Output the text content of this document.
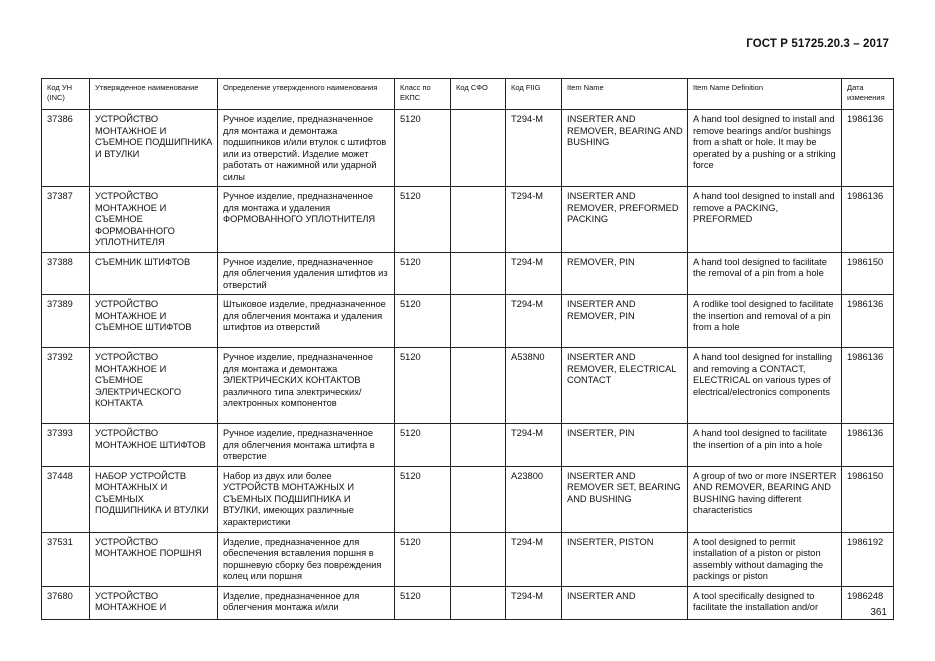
ГОСТ Р 51725.20.3 – 2017
Код УН (INC)	Утвержденное наименование	Определение утвержденного наименования	Класс по ЕКПС	Код СФО	Код FIIG	Item Name	Item Name Definition	Дата изменения
37386	УСТРОЙСТВО МОНТАЖНОЕ И СЪЕМНОЕ ПОДШИПНИКА И ВТУЛКИ	Ручное изделие, предназначенное для монтажа и демонтажа подшипников и/или втулок с штифтов или из отверстий. Изделие может работать от нажимной или ударной силы	5120		T294-M	INSERTER AND REMOVER, BEARING AND BUSHING	A hand tool designed to install and remove bearings and/or bushings from a shaft or hole. It may be operated by a pushing or a striking force	1986136
37387	УСТРОЙСТВО МОНТАЖНОЕ И СЪЕМНОЕ ФОРМОВАННОГО УПЛОТНИТЕЛЯ	Ручное изделие, предназначенное для монтажа и удаления ФОРМОВАННОГО УПЛОТНИТЕЛЯ	5120		T294-M	INSERTER AND REMOVER, PREFORMED PACKING	A hand tool designed to install and remove a PACKING, PREFORMED	1986136
37388	СЪЕМНИК ШТИФТОВ	Ручное изделие, предназначенное для облегчения удаления штифтов из отверстий	5120		T294-M	REMOVER, PIN	A hand tool designed to facilitate the removal of a pin from a hole	1986150
37389	УСТРОЙСТВО МОНТАЖНОЕ И СЪЕМНОЕ ШТИФТОВ	Штыковое изделие, предназначенное для облегчения монтажа и удаления штифтов из отверстий	5120		T294-M	INSERTER AND REMOVER, PIN	A rodlike tool designed to facilitate the insertion and removal of a pin from a hole	1986136
37392	УСТРОЙСТВО МОНТАЖНОЕ И СЪЕМНОЕ ЭЛЕКТРИЧЕСКОГО КОНТАКТА	Ручное изделие, предназначенное для монтажа и демонтажа ЭЛЕКТРИЧЕСКИХ КОНТАКТОВ различного типа электрических/электронных компонентов	5120		A538N0	INSERTER AND REMOVER, ELECTRICAL CONTACT	A hand tool designed for installing and removing a CONTACT, ELECTRICAL on various types of electrical/electronics components	1986136
37393	УСТРОЙСТВО МОНТАЖНОЕ ШТИФТОВ	Ручное изделие, предназначенное для облегчения монтажа штифта в отверстие	5120		T294-M	INSERTER, PIN	A hand tool designed to facilitate the insertion of a pin into a hole	1986136
37448	НАБОР УСТРОЙСТВ МОНТАЖНЫХ И СЪЕМНЫХ ПОДШИПНИКА И ВТУЛКИ	Набор из двух или более УСТРОЙСТВ МОНТАЖНЫХ И СЪЕМНЫХ ПОДШИПНИКА И ВТУЛКИ, имеющих различные характеристики	5120		A23800	INSERTER AND REMOVER SET, BEARING AND BUSHING	A group of two or more INSERTER AND REMOVER, BEARING AND BUSHING having different characteristics	1986150
37531	УСТРОЙСТВО МОНТАЖНОЕ ПОРШНЯ	Изделие, предназначенное для обеспечения вставления поршня в поршневую сборку без повреждения колец или поршня	5120		T294-M	INSERTER, PISTON	A tool designed to permit installation of a piston or piston assembly without damaging the packings or piston	1986192
37680	УСТРОЙСТВО МОНТАЖНОЕ И	Изделие, предназначенное для облегчения монтажа и/или	5120		T294-M	INSERTER AND	A tool specifically designed to facilitate the installation and/or	1986248
361
